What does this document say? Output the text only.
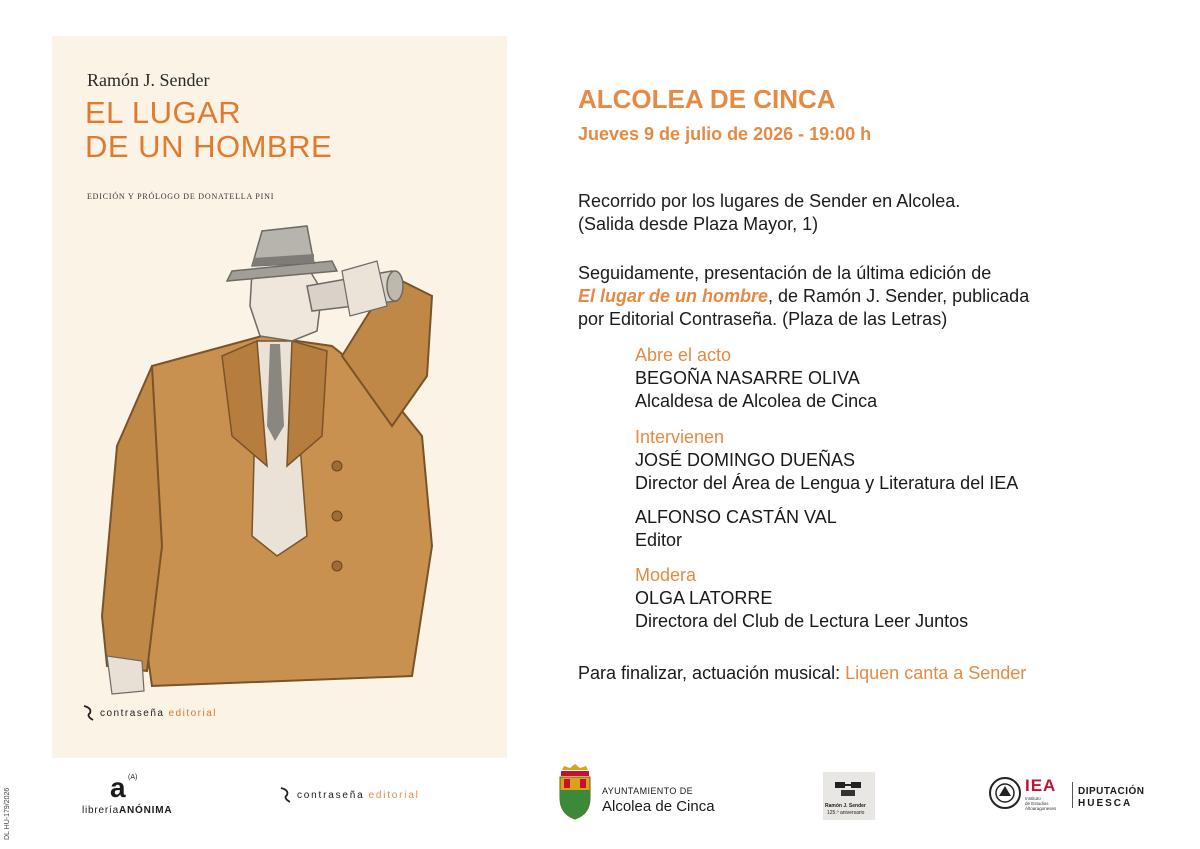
DL HU-179/2026
Ramón J. Sender
EL LUGAR
DE UN HOMBRE
EDICIÓN Y PRÓLOGO DE DONATELLA PINI
contraseña editorial
ALCOLEA DE CINCA
Jueves 9 de julio de 2026 - 19:00 h
Recorrido por los lugares de Sender en Alcolea.
(Salida desde Plaza Mayor, 1)
Seguidamente, presentación de la última edición de
El lugar de un hombre, de Ramón J. Sender, publicada
por Editorial Contraseña. (Plaza de las Letras)
Abre el acto
BEGOÑA NASARRE OLIVA
Alcaldesa de Alcolea de Cinca
Intervienen
JOSÉ DOMINGO DUEÑAS
Director del Área de Lengua y Literatura del IEA
ALFONSO CASTÁN VAL
Editor
Modera
OLGA LATORRE
Directora del Club de Lectura Leer Juntos
Para finalizar, actuación musical: Liquen canta a Sender
a (A)
libreríaANÓNIMA
contraseña editorial	AYUNTAMIENTO DE
Alcolea de Cinca	Ramón J. Sender
125.º aniversario
IEA
Instituto
de Estudios
Altoaragoneses
DIPUTACIÓN
HUESCA
